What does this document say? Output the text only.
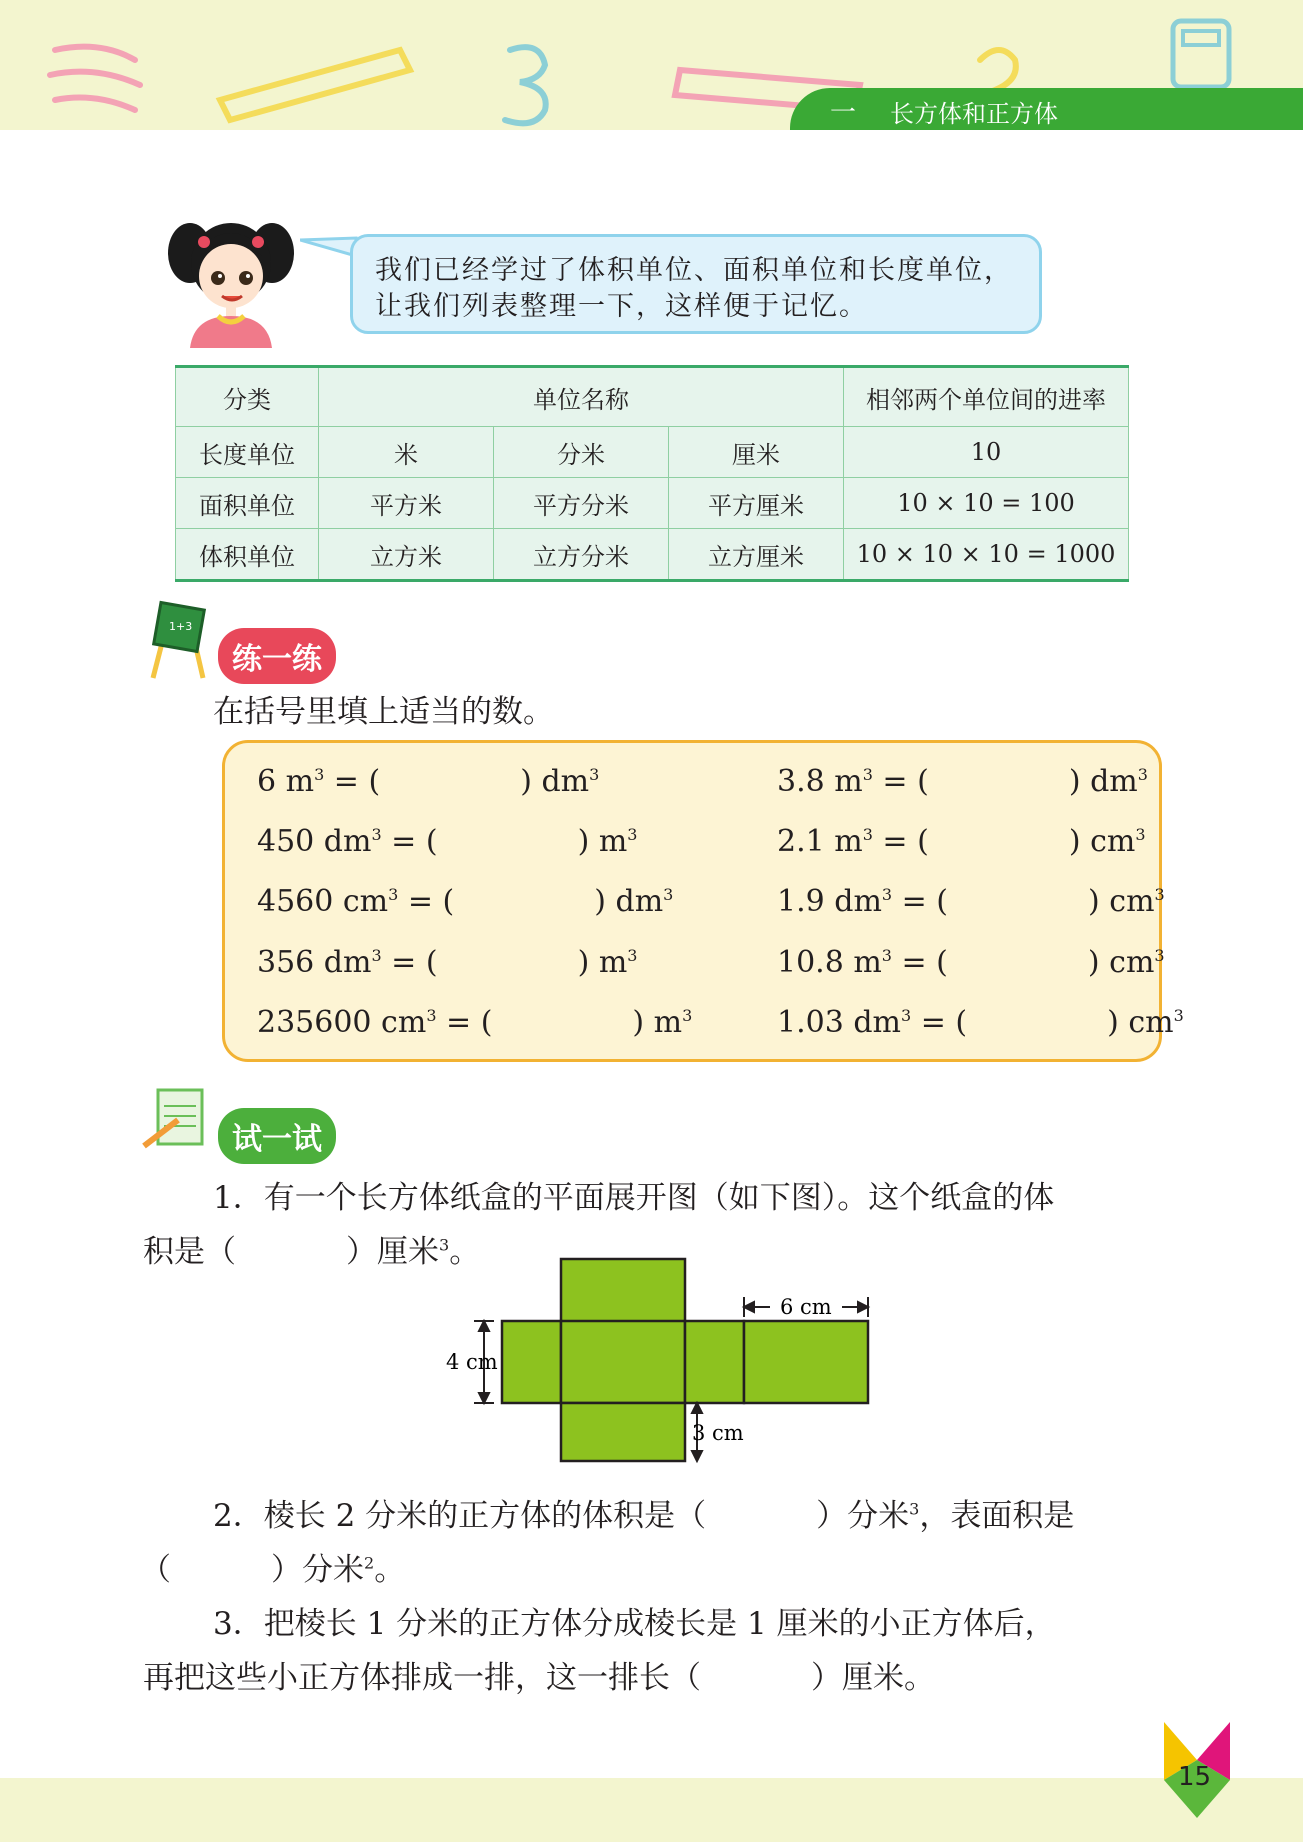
一 长方体和正方体
我们已经学过了体积单位、面积单位和长度单位，
让我们列表整理一下，这样便于记忆。
分类	单位名称			相邻两个单位间的进率
长度单位	米	分米	厘米	10
面积单位	平方米	平方分米	平方厘米	10 × 10 = 100
体积单位	立方米	立方分米	立方厘米	10 × 10 × 10 = 1000
1+3
练一练
在括号里填上适当的数。
6 $m^3$ = (	) $dm^3$	3.8 $m^3$ = (	) $dm^3$
450 $dm^3$ = (	) $m^3$	2.1 $m^3$ = (	) $cm^3$
4560 $cm^3$ = (	) $dm^3$	1.9 $dm^3$ = (	) $cm^3$
356 $dm^3$ = (	) $m^3$	10.8 $m^3$ = (	) $cm^3$
235600 $cm^3$ = (	) $m^3$	1.03 $dm^3$ = (	) $cm^3$
试一试
1．有一个长方体纸盒的平面展开图（如下图）。这个纸盒的体
积是（	）厘米$^3$。
6 cm
4 cm
3 cm
2．棱长 2 分米的正方体的体积是（	）分米$^3$，表面积是
（	）分米$^2$。
3．把棱长 1 分米的正方体分成棱长是 1 厘米的小正方体后，
再把这些小正方体排成一排，这一排长（	）厘米。
15
